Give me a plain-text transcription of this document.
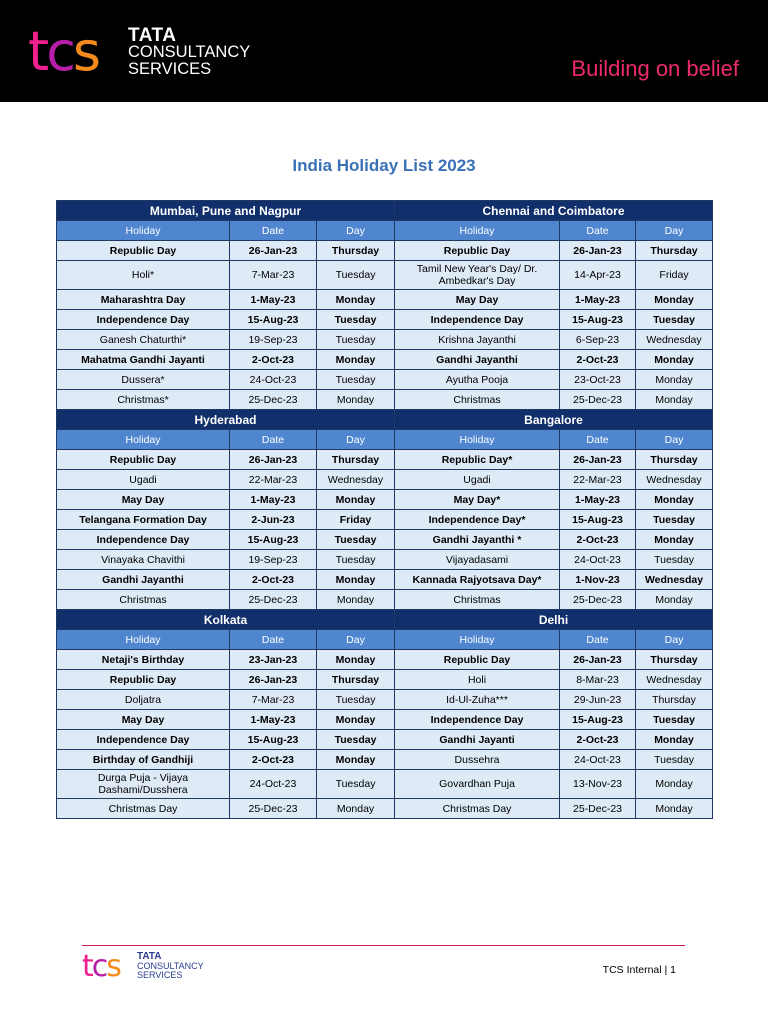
tcs TATA
CONSULTANCY
SERVICES	Building on belief
India Holiday List 2023
Mumbai, Pune and Nagpur			Chennai and Coimbatore		
Holiday	Date	Day	Holiday	Date	Day
Republic Day	26-Jan-23	Thursday	Republic Day	26-Jan-23	Thursday
Holi*	7-Mar-23	Tuesday	Tamil New Year's Day/ Dr. Ambedkar's Day	14-Apr-23	Friday
Maharashtra Day	1-May-23	Monday	May Day	1-May-23	Monday
Independence Day	15-Aug-23	Tuesday	Independence Day	15-Aug-23	Tuesday
Ganesh Chaturthi*	19-Sep-23	Tuesday	Krishna Jayanthi	6-Sep-23	Wednesday
Mahatma Gandhi Jayanti	2-Oct-23	Monday	Gandhi Jayanthi	2-Oct-23	Monday
Dussera*	24-Oct-23	Tuesday	Ayutha Pooja	23-Oct-23	Monday
Christmas*	25-Dec-23	Monday	Christmas	25-Dec-23	Monday
Hyderabad			Bangalore		
Holiday	Date	Day	Holiday	Date	Day
Republic Day	26-Jan-23	Thursday	Republic Day*	26-Jan-23	Thursday
Ugadi	22-Mar-23	Wednesday	Ugadi	22-Mar-23	Wednesday
May Day	1-May-23	Monday	May Day*	1-May-23	Monday
Telangana Formation Day	2-Jun-23	Friday	Independence Day*	15-Aug-23	Tuesday
Independence Day	15-Aug-23	Tuesday	Gandhi Jayanthi *	2-Oct-23	Monday
Vinayaka Chavithi	19-Sep-23	Tuesday	Vijayadasami	24-Oct-23	Tuesday
Gandhi Jayanthi	2-Oct-23	Monday	Kannada Rajyotsava Day*	1-Nov-23	Wednesday
Christmas	25-Dec-23	Monday	Christmas	25-Dec-23	Monday
Kolkata			Delhi		
Holiday	Date	Day	Holiday	Date	Day
Netaji's Birthday	23-Jan-23	Monday	Republic Day	26-Jan-23	Thursday
Republic Day	26-Jan-23	Thursday	Holi	8-Mar-23	Wednesday
Doljatra	7-Mar-23	Tuesday	Id-Ul-Zuha***	29-Jun-23	Thursday
May Day	1-May-23	Monday	Independence Day	15-Aug-23	Tuesday
Independence Day	15-Aug-23	Tuesday	Gandhi Jayanti	2-Oct-23	Monday
Birthday of Gandhiji	2-Oct-23	Monday	Dussehra	24-Oct-23	Tuesday
Durga Puja - Vijaya Dashami/Dusshera	24-Oct-23	Tuesday	Govardhan Puja	13-Nov-23	Monday
Christmas Day	25-Dec-23	Monday	Christmas Day	25-Dec-23	Monday
tcs TATA
CONSULTANCY
SERVICES	TCS Internal | 1
